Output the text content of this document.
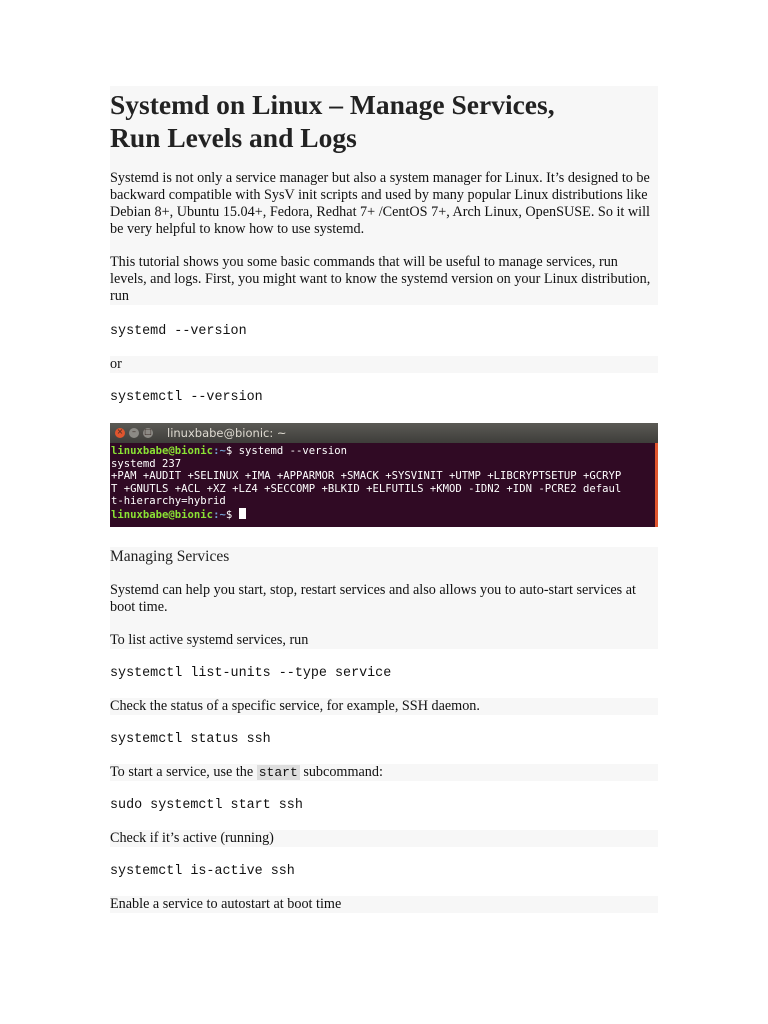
Systemd on Linux – Manage Services,
Run Levels and Logs

Systemd is not only a service manager but also a system manager for Linux. It’s designed to be backward compatible with SysV init scripts and used by many popular Linux distributions like Debian 8+, Ubuntu 15.04+, Fedora, Redhat 7+ /CentOS 7+, Arch Linux, OpenSUSE. So it will be very helpful to know how to use systemd.

This tutorial shows you some basic commands that will be useful to manage services, run levels, and logs. First, you might want to know the systemd version on your Linux distribution, run

systemd --version

or

systemctl --version
×	–	□ linuxbabe@bionic: ~
linuxbabe@bionic:~$ systemd --version
systemd 237
+PAM +AUDIT +SELINUX +IMA +APPARMOR +SMACK +SYSVINIT +UTMP +LIBCRYPTSETUP +GCRYP
T +GNUTLS +ACL +XZ +LZ4 +SECCOMP +BLKID +ELFUTILS +KMOD -IDN2 +IDN -PCRE2 defaul
t-hierarchy=hybrid
linuxbabe@bionic:~$
Managing Services

Systemd can help you start, stop, restart services and also allows you to auto-start services at boot time.

To list active systemd services, run

systemctl list-units --type service

Check the status of a specific service, for example, SSH daemon.

systemctl status ssh

To start a service, use the start subcommand:

sudo systemctl start ssh

Check if it’s active (running)

systemctl is-active ssh

Enable a service to autostart at boot time
